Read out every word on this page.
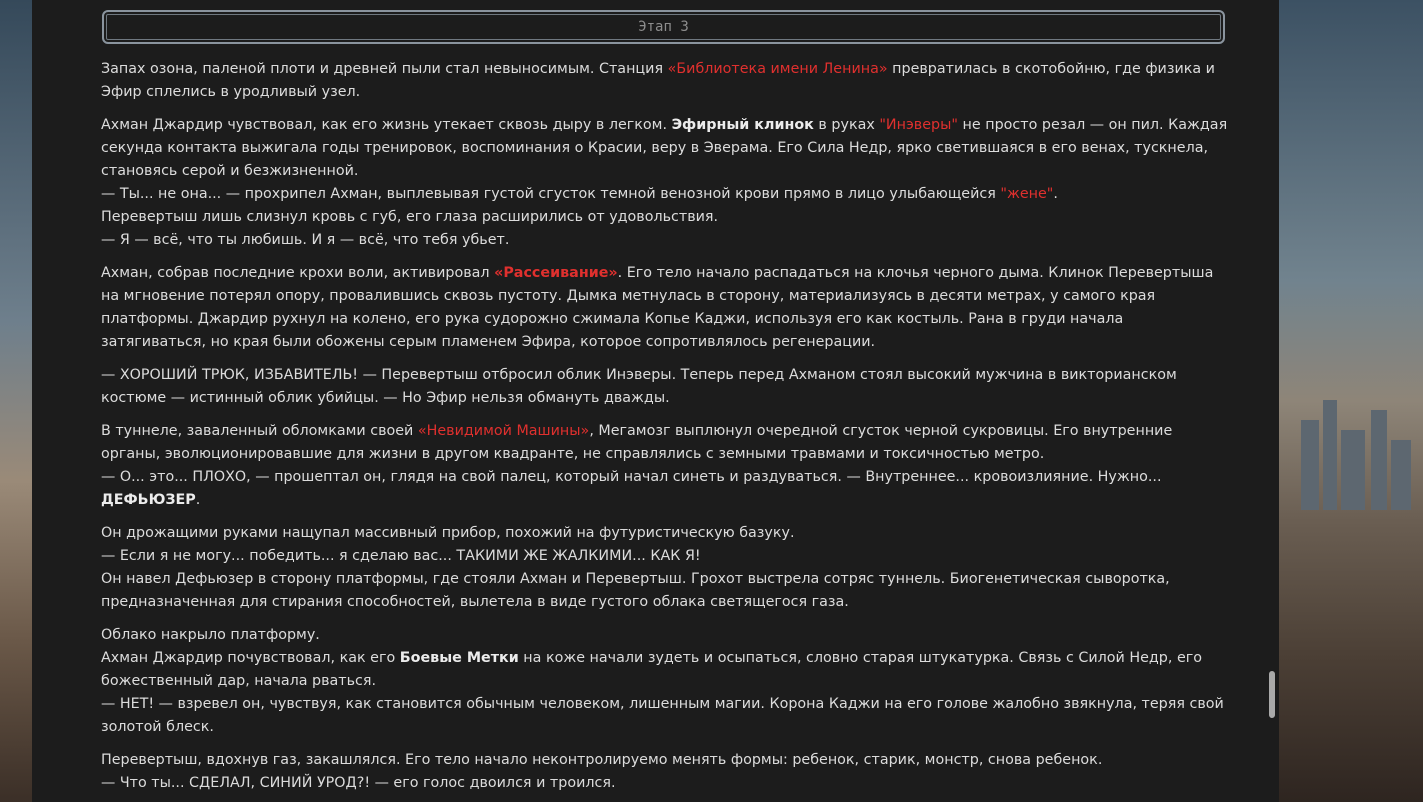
Этап 3

Запах озона, паленой плоти и древней пыли стал невыносимым. Станция «Библиотека имени Ленина» превратилась в скотобойню, где физика и Эфир сплелись в уродливый узел.

Ахман Джардир чувствовал, как его жизнь утекает сквозь дыру в легком. Эфирный клинок в руках "Инэверы" не просто резал — он пил. Каждая секунда контакта выжигала годы тренировок, воспоминания о Красии, веру в Эверама. Его Сила Недр, ярко светившаяся в его венах, тускнела, становясь серой и безжизненной.
— Ты... не она... — прохрипел Ахман, выплевывая густой сгусток темной венозной крови прямо в лицо улыбающейся "жене".
Перевертыш лишь слизнул кровь с губ, его глаза расширились от удовольствия.
— Я — всё, что ты любишь. И я — всё, что тебя убьет.

Ахман, собрав последние крохи воли, активировал «Рассеивание». Его тело начало распадаться на клочья черного дыма. Клинок Перевертыша на мгновение потерял опору, провалившись сквозь пустоту. Дымка метнулась в сторону, материализуясь в десяти метрах, у самого края платформы. Джардир рухнул на колено, его рука судорожно сжимала Копье Каджи, используя его как костыль. Рана в груди начала затягиваться, но края были обожены серым пламенем Эфира, которое сопротивлялось регенерации.

— ХОРОШИЙ ТРЮК, ИЗБАВИТЕЛЬ! — Перевертыш отбросил облик Инэверы. Теперь перед Ахманом стоял высокий мужчина в викторианском костюме — истинный облик убийцы. — Но Эфир нельзя обмануть дважды.

В туннеле, заваленный обломками своей «Невидимой Машины», Мегамозг выплюнул очередной сгусток черной сукровицы. Его внутренние органы, эволюционировавшие для жизни в другом квадранте, не справлялись с земными травмами и токсичностью метро.
— О... это... ПЛОХО, — прошептал он, глядя на свой палец, который начал синеть и раздуваться. — Внутреннее... кровоизлияние. Нужно... ДЕФЬЮЗЕР.

Он дрожащими руками нащупал массивный прибор, похожий на футуристическую базуку.
— Если я не могу... победить... я сделаю вас... ТАКИМИ ЖЕ ЖАЛКИМИ... КАК Я!
Он навел Дефьюзер в сторону платформы, где стояли Ахман и Перевертыш. Грохот выстрела сотряс туннель. Биогенетическая сыворотка, предназначенная для стирания способностей, вылетела в виде густого облака светящегося газа.

Облако накрыло платформу.
Ахман Джардир почувствовал, как его Боевые Метки на коже начали зудеть и осыпаться, словно старая штукатурка. Связь с Силой Недр, его божественный дар, начала рваться.
— НЕТ! — взревел он, чувствуя, как становится обычным человеком, лишенным магии. Корона Каджи на его голове жалобно звякнула, теряя свой золотой блеск.

Перевертыш, вдохнув газ, закашлялся. Его тело начало неконтролируемо менять формы: ребенок, старик, монстр, снова ребенок.
— Что ты... СДЕЛАЛ, СИНИЙ УРОД?! — его голос двоился и троился.
